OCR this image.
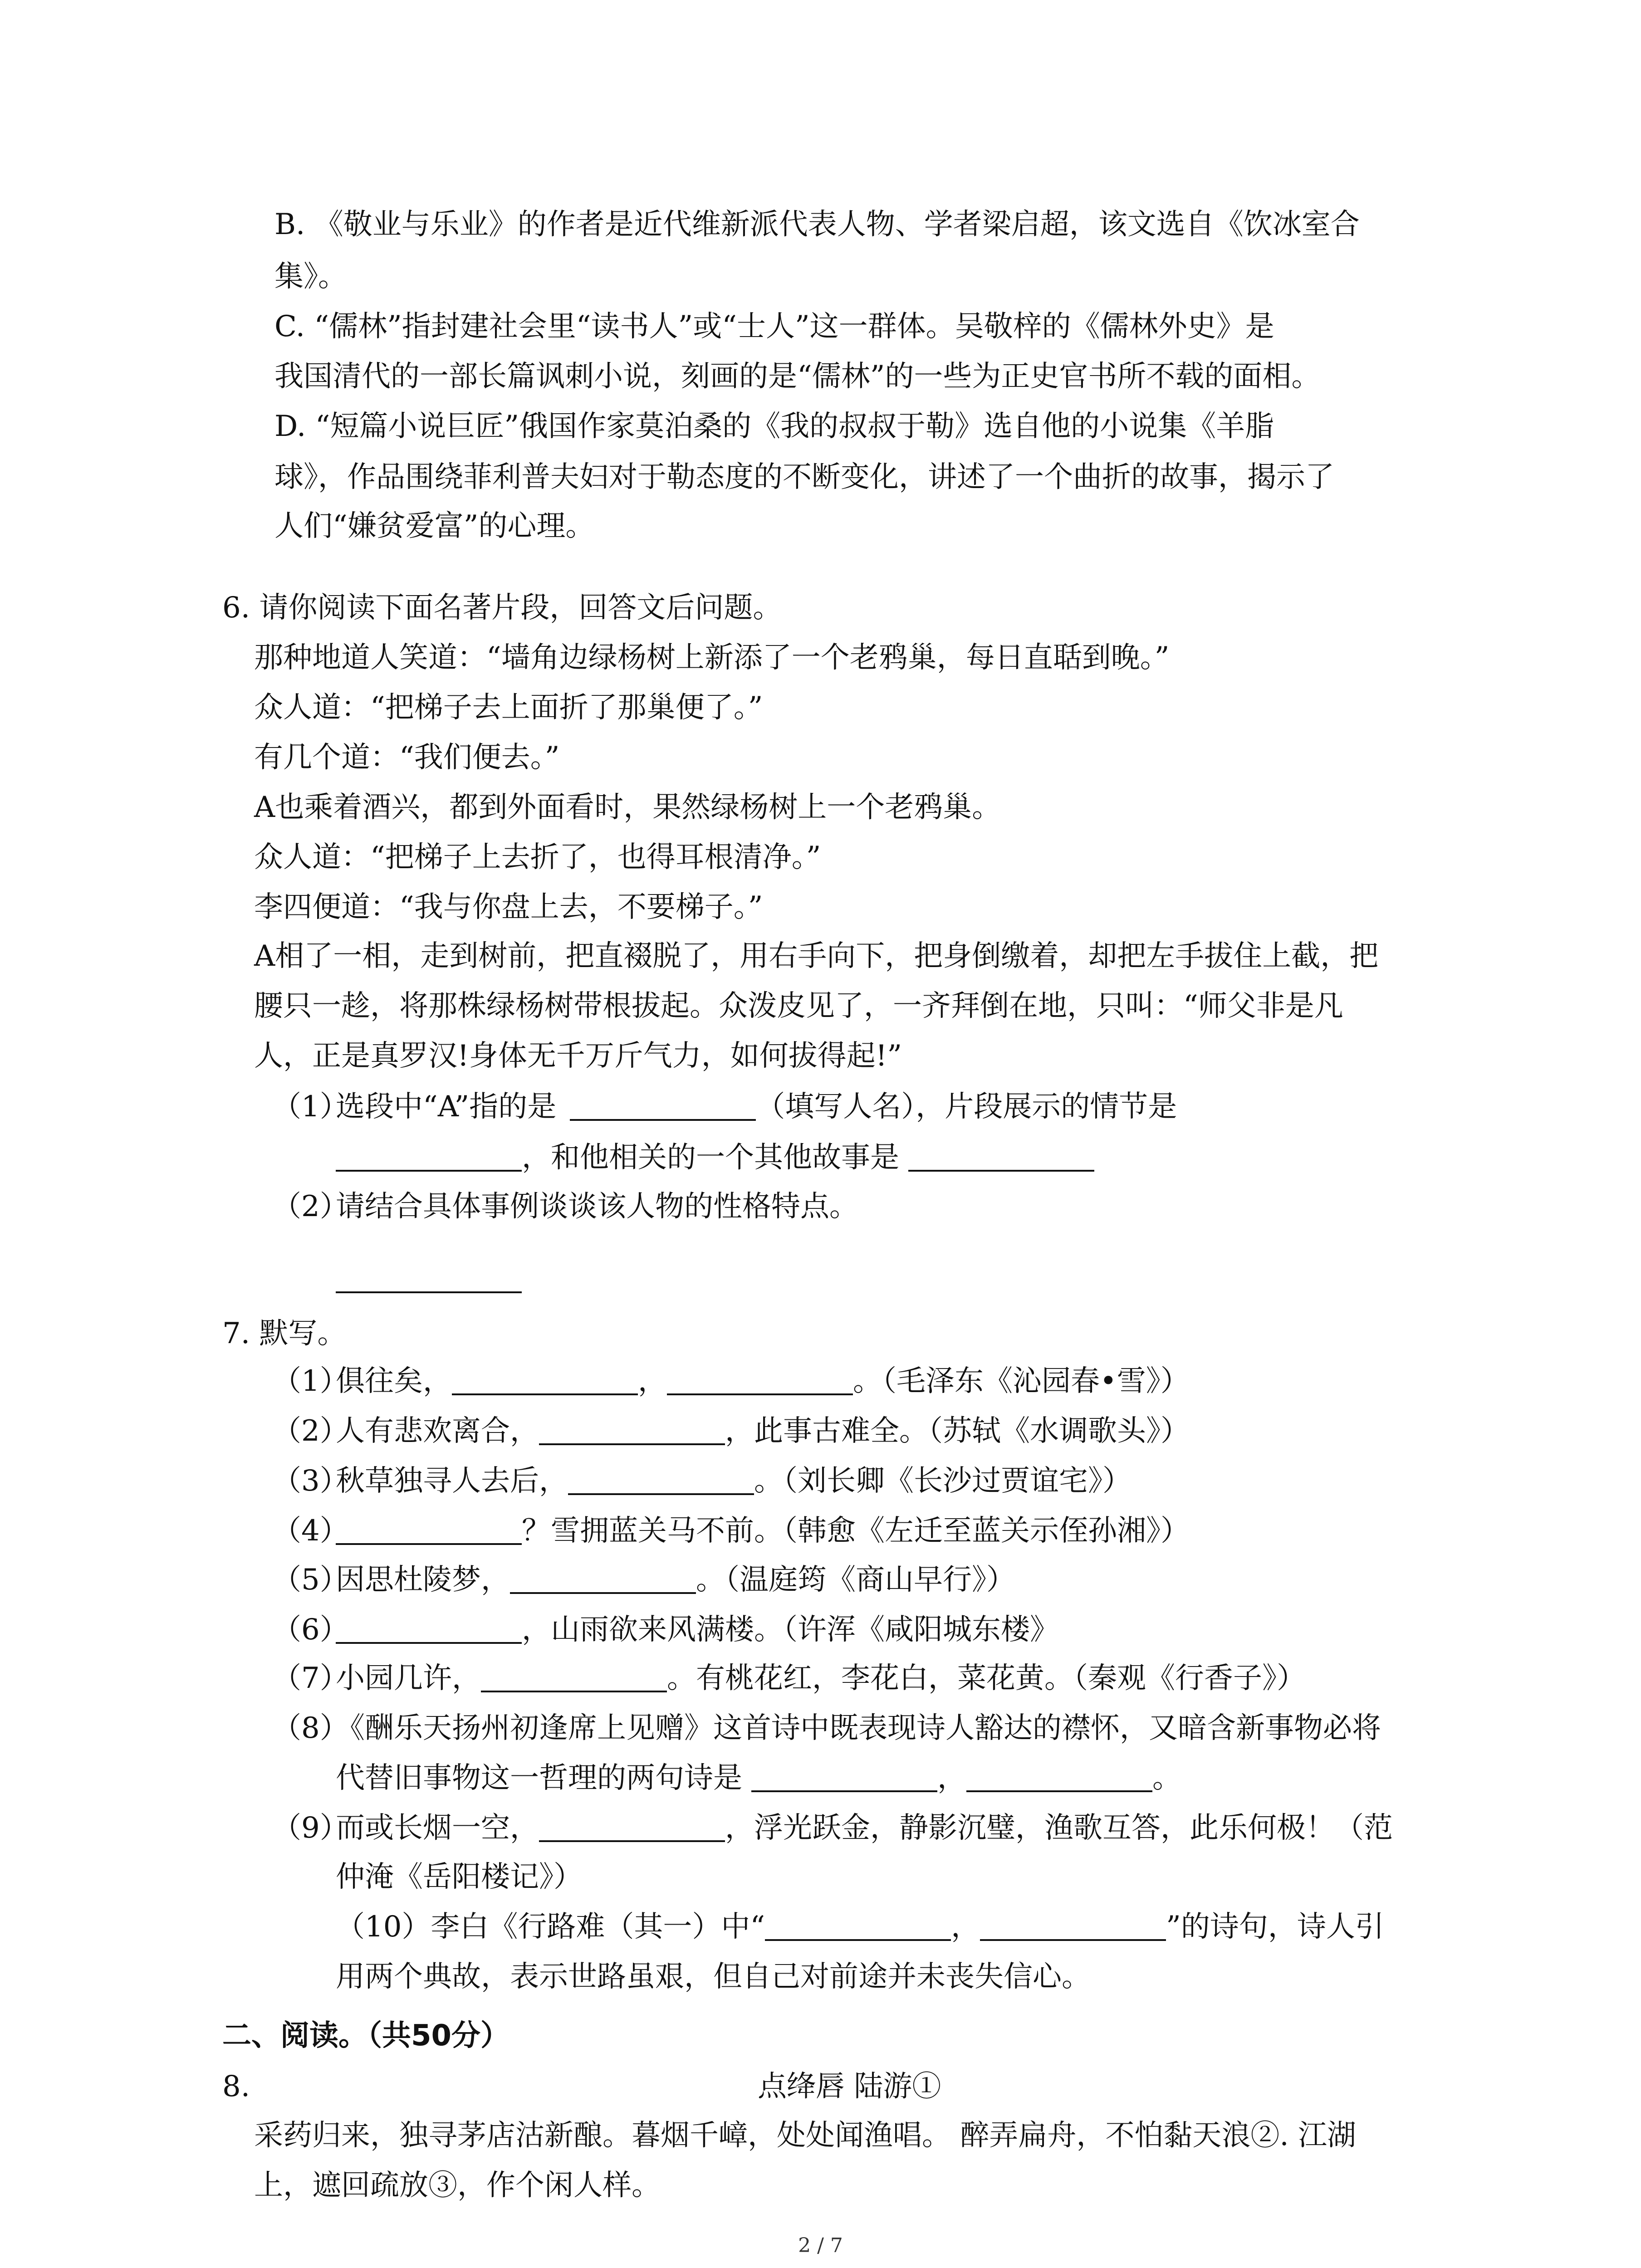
B. 《敬业与乐业》的作者是近代维新派代表人物、学者梁启超，该文选自《饮冰室合
集》。
C. “儒林”指封建社会里“读书人”或“士人”这一群体。吴敬梓的《儒林外史》是
我国清代的一部长篇讽刺小说，刻画的是“儒林”的一些为正史官书所不载的面相。
D. “短篇小说巨匠”俄国作家莫泊桑的《我的叔叔于勒》选自他的小说集《羊脂
球》，作品围绕菲利普夫妇对于勒态度的不断变化，讲述了一个曲折的故事，揭示了
人们“嫌贫爱富”的心理。
6. 请你阅读下面名著片段，回答文后问题。
那种地道人笑道：“墙角边绿杨树上新添了一个老鸦巢，每日直聒到晚。”
众人道：“把梯子去上面折了那巢便了。”
有几个道：“我们便去。”
A也乘着酒兴，都到外面看时，果然绿杨树上一个老鸦巢。
众人道：“把梯子上去折了，也得耳根清净。”
李四便道：“我与你盘上去，不要梯子。”
A相了一相，走到树前，把直裰脱了，用右手向下，把身倒缴着，却把左手拔住上截，把
腰只一趁，将那株绿杨树带根拔起。众泼皮见了，一齐拜倒在地，只叫：“师父非是凡
人，正是真罗汉!身体无千万斤气力，如何拔得起!”
（1）
选段中“A”指的是	（填写人名），片段展示的情节是
，和他相关的一个其他故事是
（2）
请结合具体事例谈谈该人物的性格特点。
7. 默写。
（1）
俱往矣，	，	。（毛泽东《沁园春•雪》）
（2）
人有悲欢离合，	，此事古难全。（苏轼《水调歌头》）
（3）
秋草独寻人去后，	。（刘长卿《长沙过贾谊宅》）
（4）	？雪拥蓝关马不前。（韩愈《左迁至蓝关示侄孙湘》）
（5）
因思杜陵梦，	。（温庭筠《商山早行》）
（6）	，山雨欲来风满楼。（许浑《咸阳城东楼》
（7）
小园几许，	。有桃花红，李花白，菜花黄。（秦观《行香子》）
（8）
《酬乐天扬州初逢席上见赠》这首诗中既表现诗人豁达的襟怀，又暗含新事物必将
代替旧事物这一哲理的两句诗是	，	。
（9）
而或长烟一空，	，浮光跃金，静影沉璧，渔歌互答，此乐何极！（范
仲淹《岳阳楼记》）
（10）李白《行路难（其一）中“	，	”的诗句，诗人引
用两个典故，表示世路虽艰，但自己对前途并未丧失信心。
二、阅读。（共50分）
8.	点绛唇 陆游①
采药归来，独寻茅店沽新酿。暮烟千嶂，处处闻渔唱。 醉弄扁舟，不怕黏天浪②. 江湖
上，遮回疏放③，作个闲人样。
2 / 7
